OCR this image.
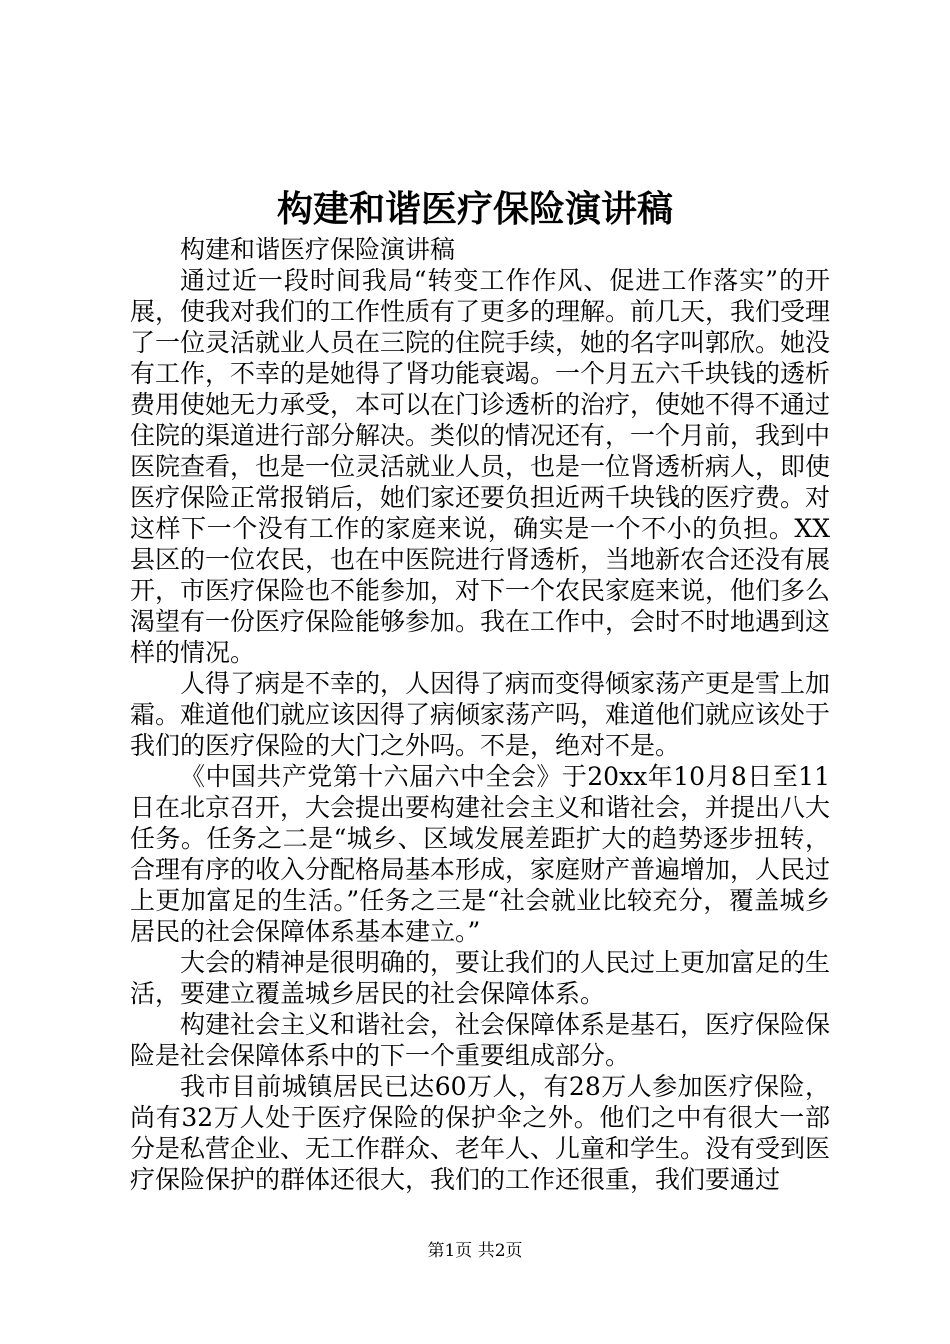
构建和谐医疗保险演讲稿

构建和谐医疗保险演讲稿

通过近一段时间我局“转变工作作风、促进工作落实”的开展，使我对我们的工作性质有了更多的理解。前几天，我们受理了一位灵活就业人员在三院的住院手续，她的名字叫郭欣。她没有工作，不幸的是她得了肾功能衰竭。一个月五六千块钱的透析费用使她无力承受，本可以在门诊透析的治疗，使她不得不通过住院的渠道进行部分解决。类似的情况还有，一个月前，我到中医院查看，也是一位灵活就业人员，也是一位肾透析病人，即使医疗保险正常报销后，她们家还要负担近两千块钱的医疗费。对这样下一个没有工作的家庭来说，确实是一个不小的负担。XX县区的一位农民，也在中医院进行肾透析，当地新农合还没有展开，市医疗保险也不能参加，对下一个农民家庭来说，他们多么渴望有一份医疗保险能够参加。我在工作中，会时不时地遇到这样的情况。

人得了病是不幸的，人因得了病而变得倾家荡产更是雪上加霜。难道他们就应该因得了病倾家荡产吗，难道他们就应该处于我们的医疗保险的大门之外吗。不是，绝对不是。

《中国共产党第十六届六中全会》于20xx年10月8日至11日在北京召开，大会提出要构建社会主义和谐社会，并提出八大任务。任务之二是“城乡、区域发展差距扩大的趋势逐步扭转，合理有序的收入分配格局基本形成，家庭财产普遍增加，人民过上更加富足的生活。”任务之三是“社会就业比较充分，覆盖城乡居民的社会保障体系基本建立。”

大会的精神是很明确的，要让我们的人民过上更加富足的生活，要建立覆盖城乡居民的社会保障体系。

构建社会主义和谐社会，社会保障体系是基石，医疗保险保险是社会保障体系中的下一个重要组成部分。

我市目前城镇居民已达60万人，有28万人参加医疗保险，尚有32万人处于医疗保险的保护伞之外。他们之中有很大一部分是私营企业、无工作群众、老年人、儿童和学生。没有受到医疗保险保护的群体还很大，我们的工作还很重，我们要通过

第1页 共2页
